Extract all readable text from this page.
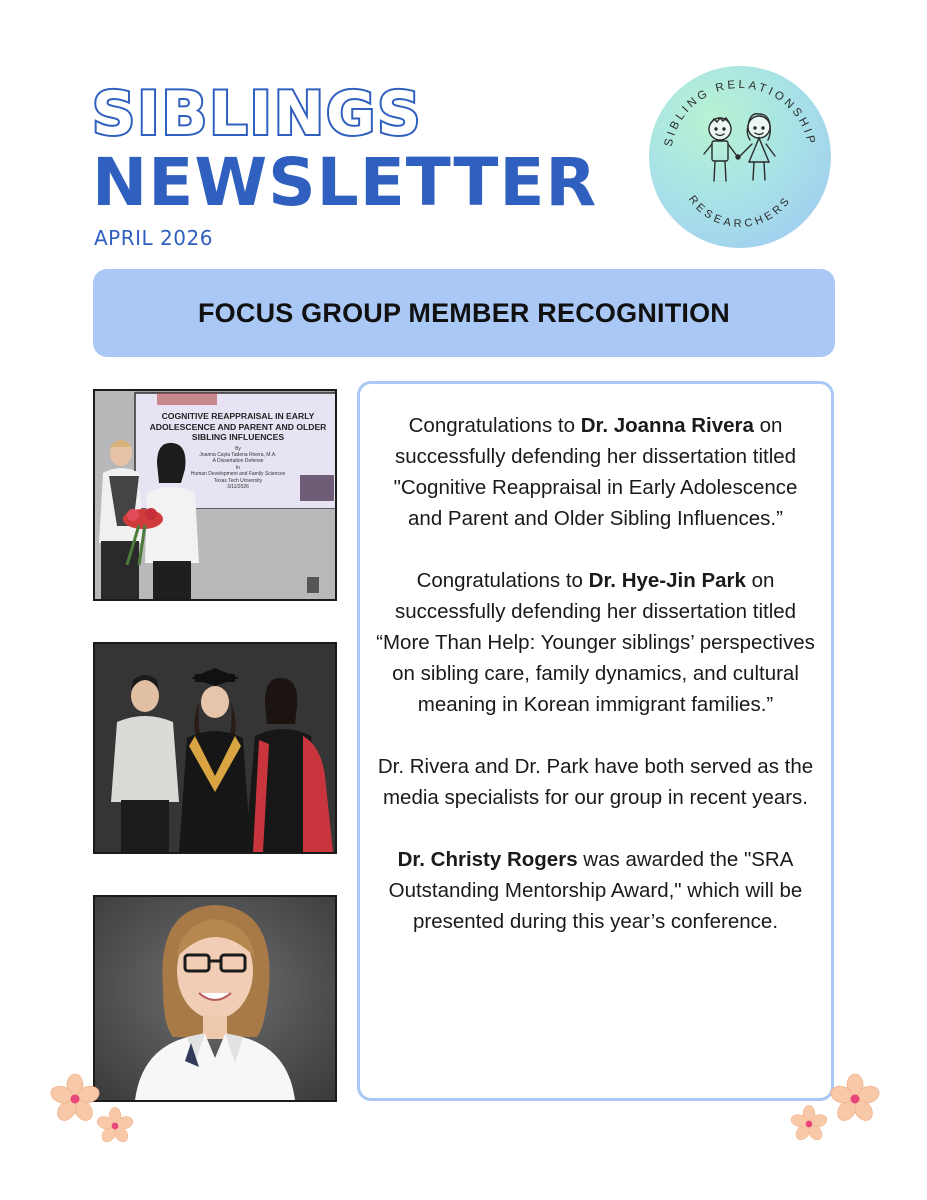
SIBLINGS
NEWSLETTER
APRIL 2026
SIBLING RELATIONSHIP
RESEARCHERS
FOCUS GROUP MEMBER RECOGNITION
COGNITIVE REAPPRAISAL IN EARLY
ADOLESCENCE AND PARENT AND OLDER
SIBLING INFLUENCES
By
Joanna Cayla Tadena Rivera, M.A.
A Dissertation Defense
In
Human Development and Family Sciences
Texas Tech University
3/11/2026

Congratulations to Dr. Joanna Rivera on successfully defending her dissertation titled "Cognitive Reappraisal in Early Adolescence and Parent and Older Sibling Influences.”

Congratulations to Dr. Hye-Jin Park on successfully defending her dissertation titled “More Than Help: Younger siblings’ perspectives on sibling care, family dynamics, and cultural meaning in Korean immigrant families.”

Dr. Rivera and Dr. Park have both served as the media specialists for our group in recent years.

Dr. Christy Rogers was awarded the "SRA Outstanding Mentorship Award," which will be presented during this year’s conference.
